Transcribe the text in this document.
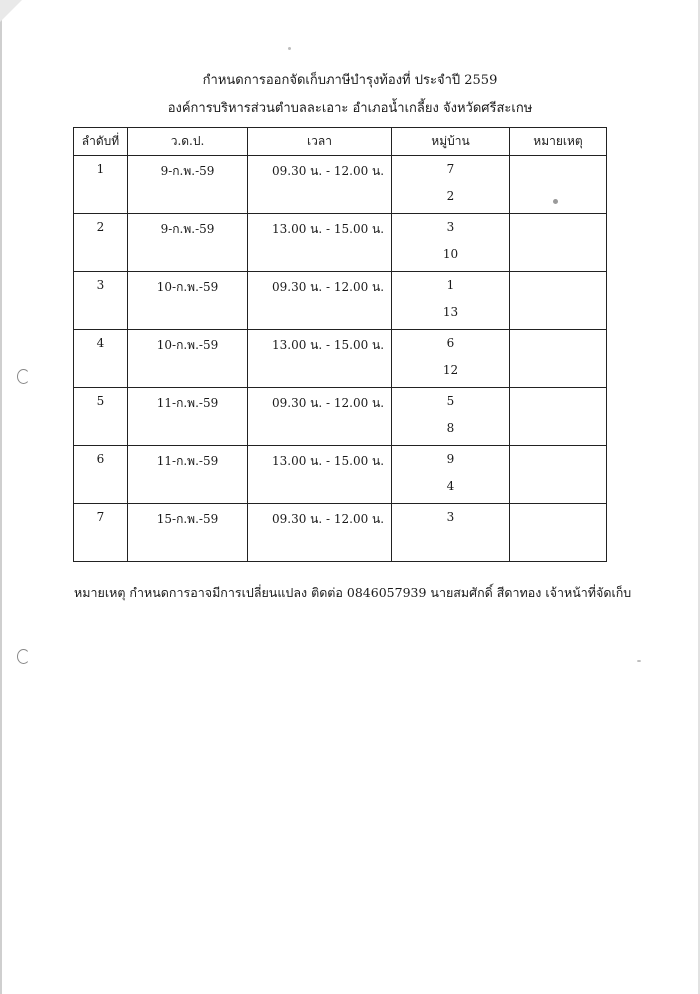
กำหนดการออกจัดเก็บภาษีบำรุงท้องที่ ประจำปี 2559
องค์การบริหารส่วนตำบลละเอาะ อำเภอน้ำเกลี้ยง จังหวัดศรีสะเกษ
ลำดับที่	ว.ด.ป.	เวลา	หมู่บ้าน	หมายเหตุ

1	9-ก.พ.-59	09.30 น. - 12.00 น.	7
2	

2	9-ก.พ.-59	13.00 น. - 15.00 น.	3
10	

3	10-ก.พ.-59	09.30 น. - 12.00 น.	1
13	

4	10-ก.พ.-59	13.00 น. - 15.00 น.	6
12	

5	11-ก.พ.-59	09.30 น. - 12.00 น.	5
8	

6	11-ก.พ.-59	13.00 น. - 15.00 น.	9
4	

7	15-ก.พ.-59	09.30 น. - 12.00 น.	3	

หมายเหตุ กำหนดการอาจมีการเปลี่ยนแปลง ติดต่อ 0846057939 นายสมศักดิ์ สีดาทอง เจ้าหน้าที่จัดเก็บ
